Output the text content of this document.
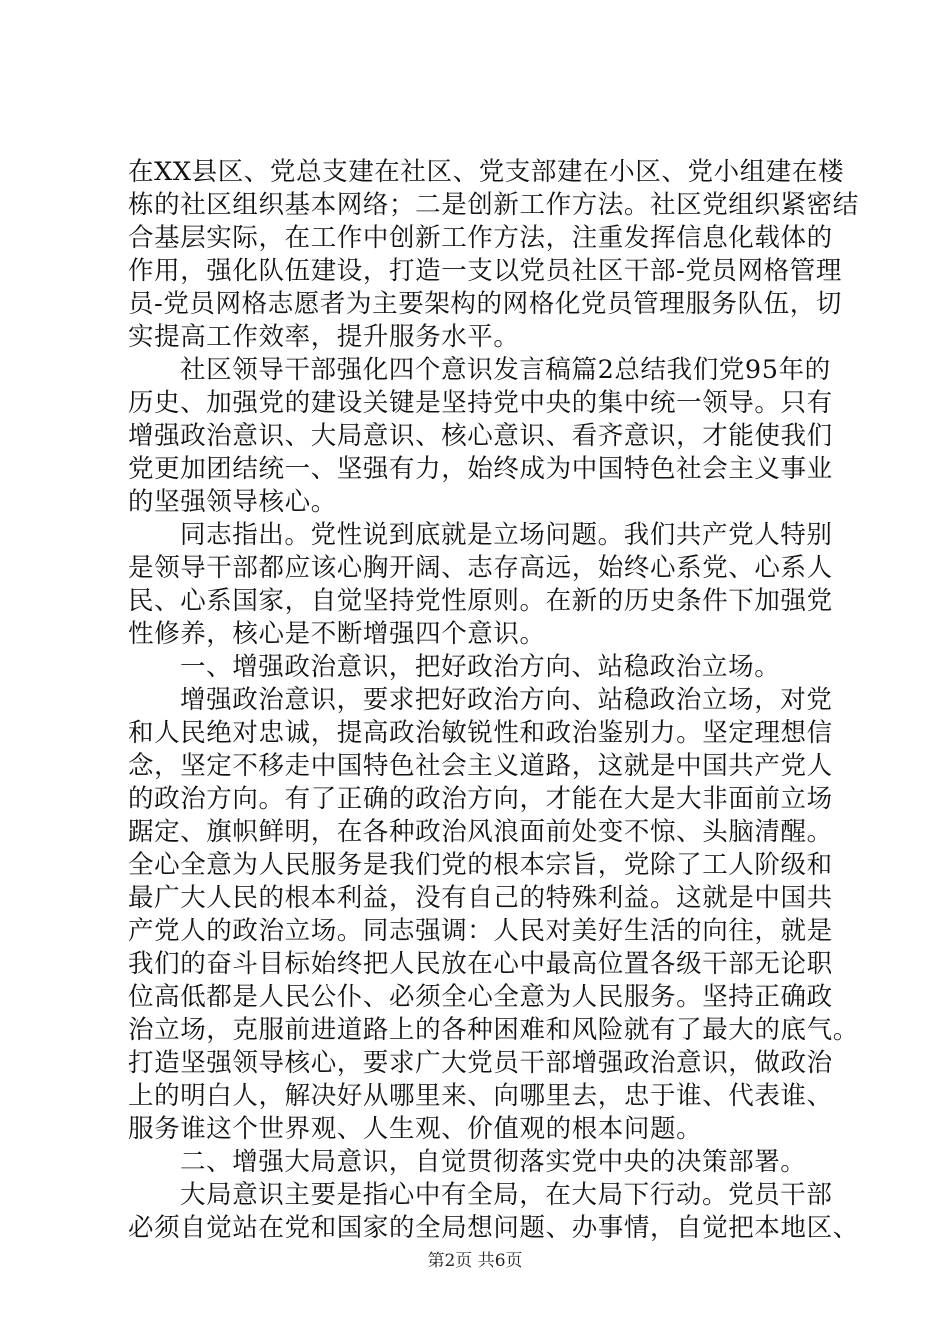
在XX县区、党总支建在社区、党支部建在小区、党小组建在楼
栋的社区组织基本网络；二是创新工作方法。社区党组织紧密结
合基层实际，在工作中创新工作方法，注重发挥信息化载体的
作用，强化队伍建设，打造一支以党员社区干部-党员网格管理
员-党员网格志愿者为主要架构的网格化党员管理服务队伍，切
实提高工作效率，提升服务水平。
社区领导干部强化四个意识发言稿篇2总结我们党95年的
历史、加强党的建设关键是坚持党中央的集中统一领导。只有
增强政治意识、大局意识、核心意识、看齐意识，才能使我们
党更加团结统一、坚强有力，始终成为中国特色社会主义事业
的坚强领导核心。
同志指出。党性说到底就是立场问题。我们共产党人特别
是领导干部都应该心胸开阔、志存高远，始终心系党、心系人
民、心系国家，自觉坚持党性原则。在新的历史条件下加强党
性修养，核心是不断增强四个意识。
一、增强政治意识，把好政治方向、站稳政治立场。
增强政治意识，要求把好政治方向、站稳政治立场，对党
和人民绝对忠诚，提高政治敏锐性和政治鉴别力。坚定理想信
念，坚定不移走中国特色社会主义道路，这就是中国共产党人
的政治方向。有了正确的政治方向，才能在大是大非面前立场
踞定、旗帜鲜明，在各种政治风浪面前处变不惊、头脑清醒。
全心全意为人民服务是我们党的根本宗旨，党除了工人阶级和
最广大人民的根本利益，没有自己的特殊利益。这就是中国共
产党人的政治立场。同志强调：人民对美好生活的向往，就是
我们的奋斗目标始终把人民放在心中最高位置各级干部无论职
位高低都是人民公仆、必须全心全意为人民服务。坚持正确政
治立场，克服前进道路上的各种困难和风险就有了最大的底气。
打造坚强领导核心，要求广大党员干部增强政治意识，做政治
上的明白人，解决好从哪里来、向哪里去，忠于谁、代表谁、
服务谁这个世界观、人生观、价值观的根本问题。
二、增强大局意识，自觉贯彻落实党中央的决策部署。
大局意识主要是指心中有全局，在大局下行动。党员干部
必须自觉站在党和国家的全局想问题、办事情，自觉把本地区、
第2页 共6页
